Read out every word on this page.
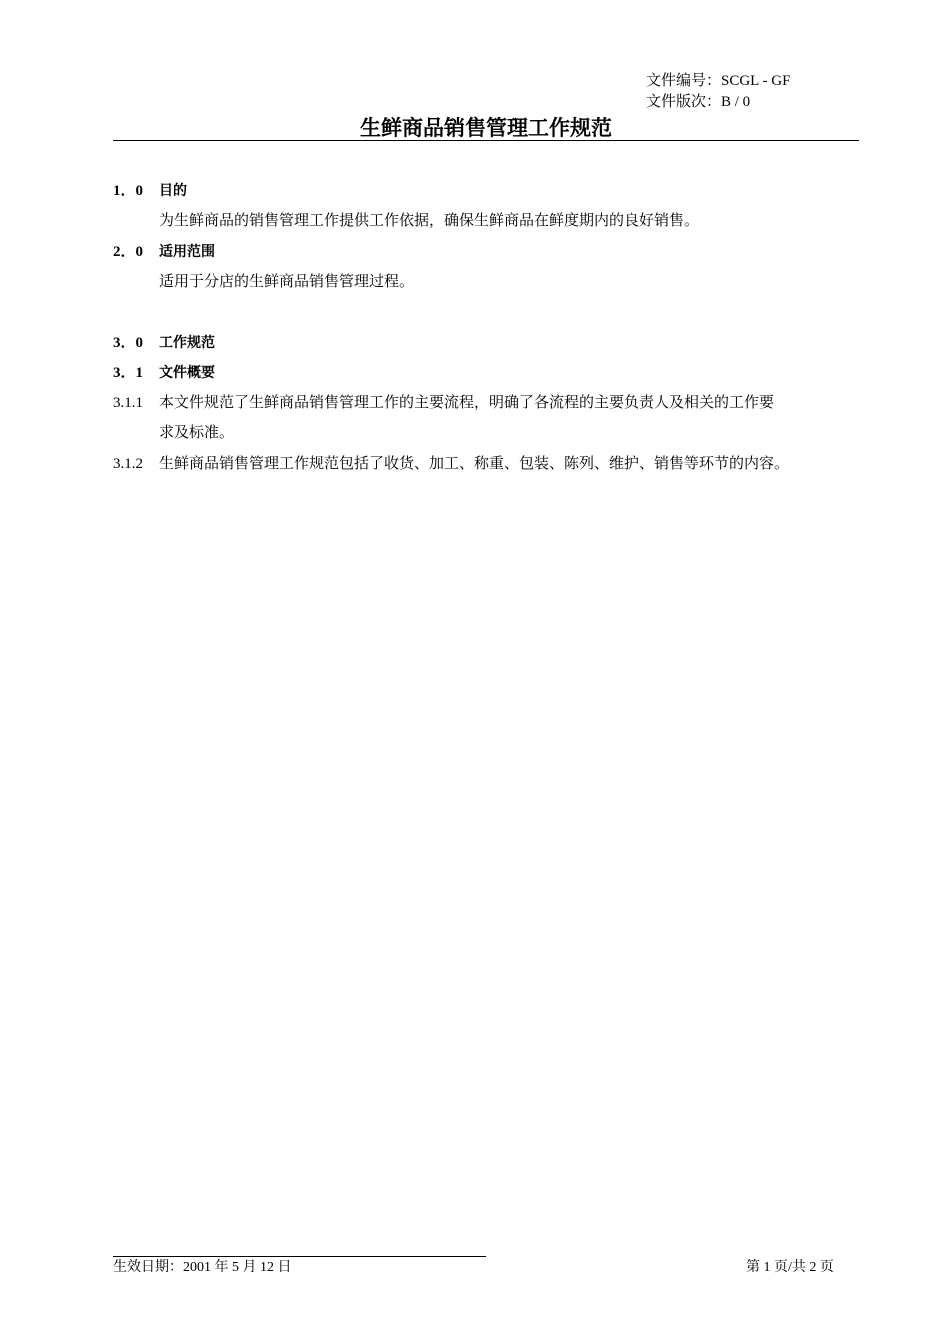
文件编号：SCGL - GF
文件版次：B / 0
生鲜商品销售管理工作规范
1．0 目的
为生鲜商品的销售管理工作提供工作依据，确保生鲜商品在鲜度期内的良好销售。
2．0 适用范围
适用于分店的生鲜商品销售管理过程。
3．0 工作规范
3．1 文件概要
3.1.1 本文件规范了生鲜商品销售管理工作的主要流程，明确了各流程的主要负责人及相关的工作要
求及标准。
3.1.2 生鲜商品销售管理工作规范包括了收货、加工、称重、包装、陈列、维护、销售等环节的内容。
生效日期：2001 年 5 月 12 日	第 1 页/共 2 页
